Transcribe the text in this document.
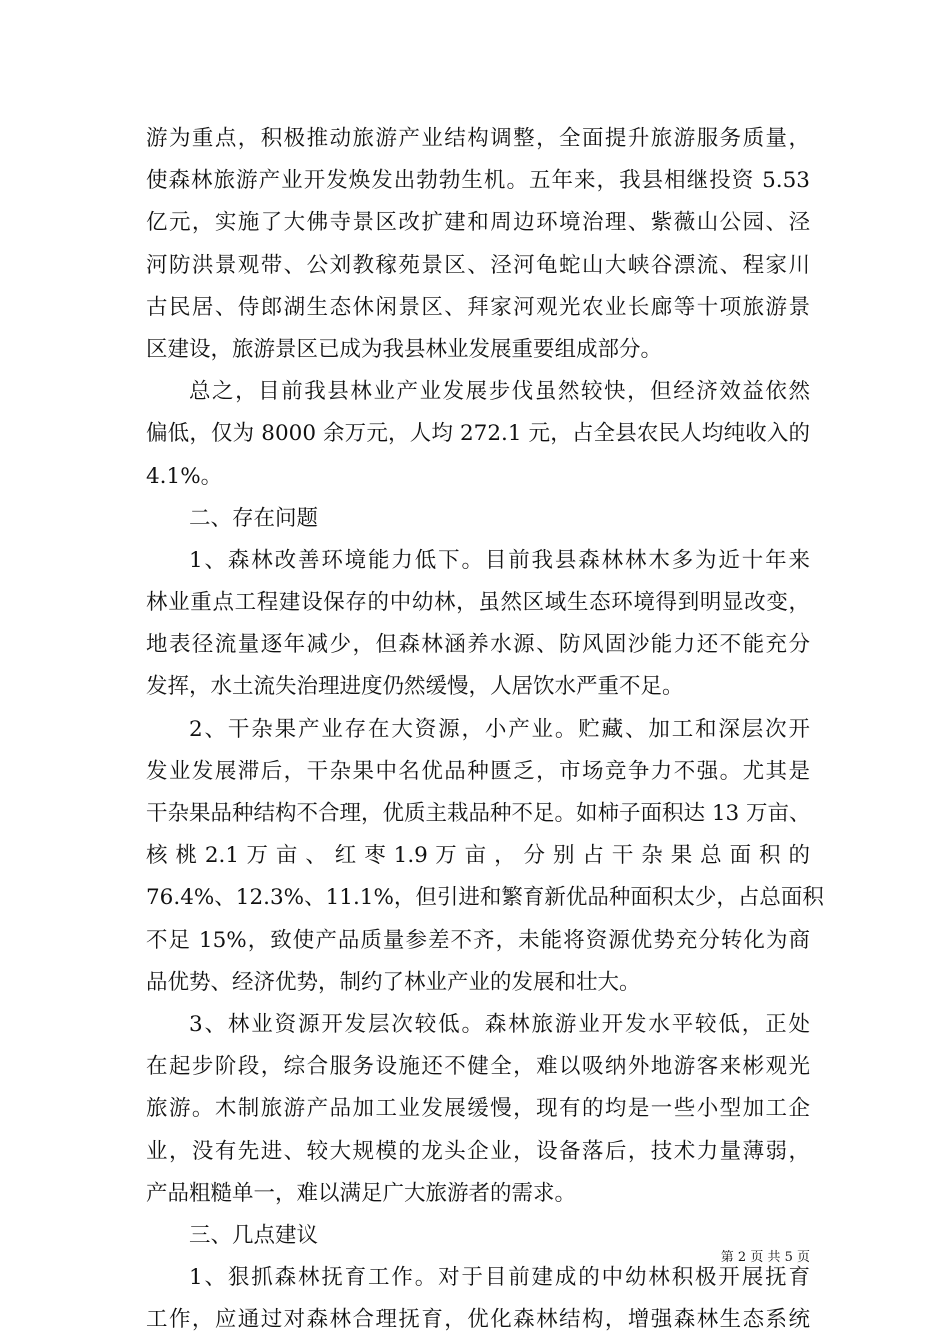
游为重点，积极推动旅游产业结构调整，全面提升旅游服务质量，

使森林旅游产业开发焕发出勃勃生机。五年来，我县相继投资 5.53

亿元，实施了大佛寺景区改扩建和周边环境治理、紫薇山公园、泾

河防洪景观带、公刘教稼苑景区、泾河龟蛇山大峡谷漂流、程家川

古民居、侍郎湖生态休闲景区、拜家河观光农业长廊等十项旅游景

区建设，旅游景区已成为我县林业发展重要组成部分。

总之，目前我县林业产业发展步伐虽然较快，但经济效益依然

偏低，仅为 8000 余万元，人均 272.1 元，占全县农民人均纯收入的

4.1%。

二、存在问题

1、森林改善环境能力低下。目前我县森林林木多为近十年来

林业重点工程建设保存的中幼林，虽然区域生态环境得到明显改变，

地表径流量逐年减少，但森林涵养水源、防风固沙能力还不能充分

发挥，水土流失治理进度仍然缓慢，人居饮水严重不足。

2、干杂果产业存在大资源，小产业。贮藏、加工和深层次开

发业发展滞后，干杂果中名优品种匮乏，市场竞争力不强。尤其是

干杂果品种结构不合理，优质主栽品种不足。如柿子面积达 13 万亩、

核 桃 2.1 万 亩 、 红 枣 1.9 万 亩 ， 分 别 占 干 杂 果 总 面 积 的

76.4%、12.3%、11.1%，但引进和繁育新优品种面积太少，占总面积

不足 15%，致使产品质量参差不齐，未能将资源优势充分转化为商

品优势、经济优势，制约了林业产业的发展和壮大。

3、林业资源开发层次较低。森林旅游业开发水平较低，正处

在起步阶段，综合服务设施还不健全，难以吸纳外地游客来彬观光

旅游。木制旅游产品加工业发展缓慢，现有的均是一些小型加工企

业，没有先进、较大规模的龙头企业，设备落后，技术力量薄弱，

产品粗糙单一，难以满足广大旅游者的需求。

三、几点建议

1、狠抓森林抚育工作。对于目前建成的中幼林积极开展抚育

工作，应通过对森林合理抚育，优化森林结构，增强森林生态系统

第 2 页 共 5 页
